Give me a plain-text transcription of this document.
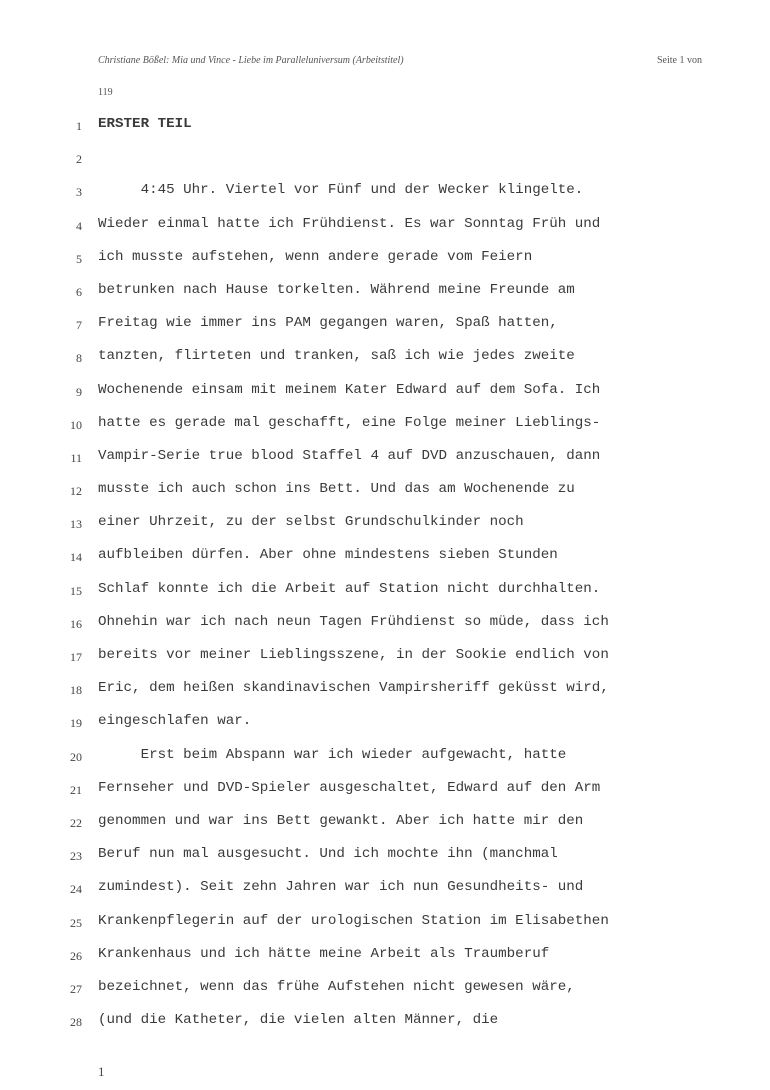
Christiane Bößel: Mia und Vince - Liebe im Paralleluniversum (Arbeitstitel)	Seite 1 von
119
1 ERSTER TEIL
2
3 4:45 Uhr. Viertel vor Fünf und der Wecker klingelte.
4 Wieder einmal hatte ich Frühdienst. Es war Sonntag Früh und
5 ich musste aufstehen, wenn andere gerade vom Feiern
6 betrunken nach Hause torkelten. Während meine Freunde am
7 Freitag wie immer ins PAM gegangen waren, Spaß hatten,
8 tanzten, flirteten und tranken, saß ich wie jedes zweite
9 Wochenende einsam mit meinem Kater Edward auf dem Sofa. Ich
10 hatte es gerade mal geschafft, eine Folge meiner Lieblings-
11 Vampir-Serie true blood Staffel 4 auf DVD anzuschauen, dann
12 musste ich auch schon ins Bett. Und das am Wochenende zu
13 einer Uhrzeit, zu der selbst Grundschulkinder noch
14 aufbleiben dürfen. Aber ohne mindestens sieben Stunden
15 Schlaf konnte ich die Arbeit auf Station nicht durchhalten.
16 Ohnehin war ich nach neun Tagen Frühdienst so müde, dass ich
17 bereits vor meiner Lieblingsszene, in der Sookie endlich von
18 Eric, dem heißen skandinavischen Vampirsheriff geküsst wird,
19 eingeschlafen war.
20 Erst beim Abspann war ich wieder aufgewacht, hatte
21 Fernseher und DVD-Spieler ausgeschaltet, Edward auf den Arm
22 genommen und war ins Bett gewankt. Aber ich hatte mir den
23 Beruf nun mal ausgesucht. Und ich mochte ihn (manchmal
24 zumindest). Seit zehn Jahren war ich nun Gesundheits- und
25 Krankenpflegerin auf der urologischen Station im Elisabethen
26 Krankenhaus und ich hätte meine Arbeit als Traumberuf
27 bezeichnet, wenn das frühe Aufstehen nicht gewesen wäre,
28 (und die Katheter, die vielen alten Männer, die
1
